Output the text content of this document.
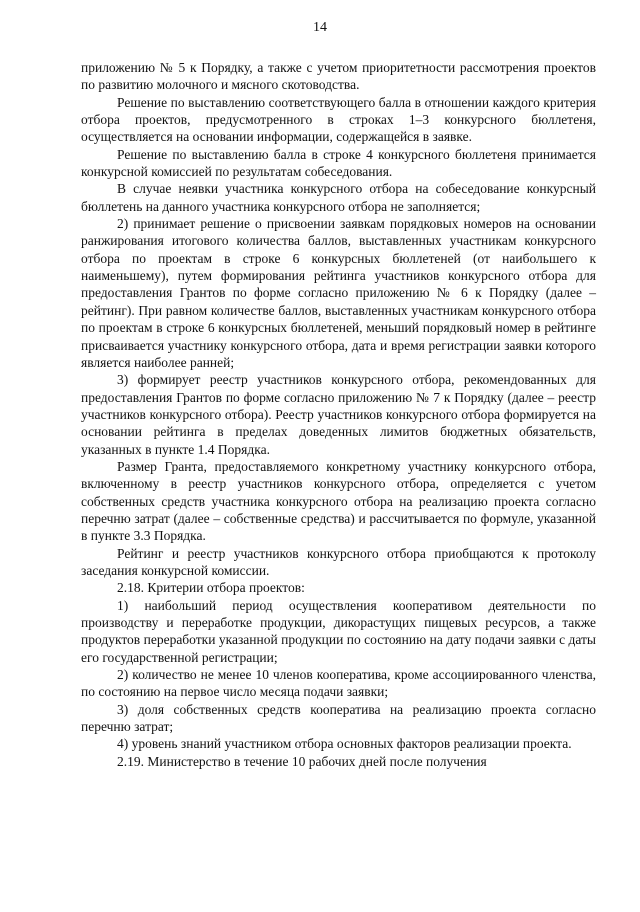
14

приложению № 5 к Порядку, а также с учетом приоритетности рассмотрения проектов по развитию молочного и мясного скотоводства.

Решение по выставлению соответствующего балла в отношении каждого критерия отбора проектов, предусмотренного в строках 1–3 конкурсного бюллетеня, осуществляется на основании информации, содержащейся в заявке.

Решение по выставлению балла в строке 4 конкурсного бюллетеня принимается конкурсной комиссией по результатам собеседования.

В случае неявки участника конкурсного отбора на собеседование конкурсный бюллетень на данного участника конкурсного отбора не заполняется;

2) принимает решение о присвоении заявкам порядковых номеров на основании ранжирования итогового количества баллов, выставленных участникам конкурсного отбора по проектам в строке 6 конкурсных бюллетеней (от наибольшего к наименьшему), путем формирования рейтинга участников конкурсного отбора для предоставления Грантов по форме согласно приложению № 6 к Порядку (далее – рейтинг). При равном количестве баллов, выставленных участникам конкурсного отбора по проектам в строке 6 конкурсных бюллетеней, меньший порядковый номер в рейтинге присваивается участнику конкурсного отбора, дата и время регистрации заявки которого является наиболее ранней;

3) формирует реестр участников конкурсного отбора, рекомендованных для предоставления Грантов по форме согласно приложению № 7 к Порядку (далее – реестр участников конкурсного отбора). Реестр участников конкурсного отбора формируется на основании рейтинга в пределах доведенных лимитов бюджетных обязательств, указанных в пункте 1.4 Порядка.

Размер Гранта, предоставляемого конкретному участнику конкурсного отбора, включенному в реестр участников конкурсного отбора, определяется с учетом собственных средств участника конкурсного отбора на реализацию проекта согласно перечню затрат (далее – собственные средства) и рассчитывается по формуле, указанной в пункте 3.3 Порядка.

Рейтинг и реестр участников конкурсного отбора приобщаются к протоколу заседания конкурсной комиссии.

2.18. Критерии отбора проектов:

1) наибольший период осуществления кооперативом деятельности по производству и переработке продукции, дикорастущих пищевых ресурсов, а также продуктов переработки указанной продукции по состоянию на дату подачи заявки с даты его государственной регистрации;

2) количество не менее 10 членов кооператива, кроме ассоциированного членства, по состоянию на первое число месяца подачи заявки;

3) доля собственных средств кооператива на реализацию проекта согласно перечню затрат;

4) уровень знаний участником отбора основных факторов реализации проекта.

2.19. Министерство в течение 10 рабочих дней после получения
